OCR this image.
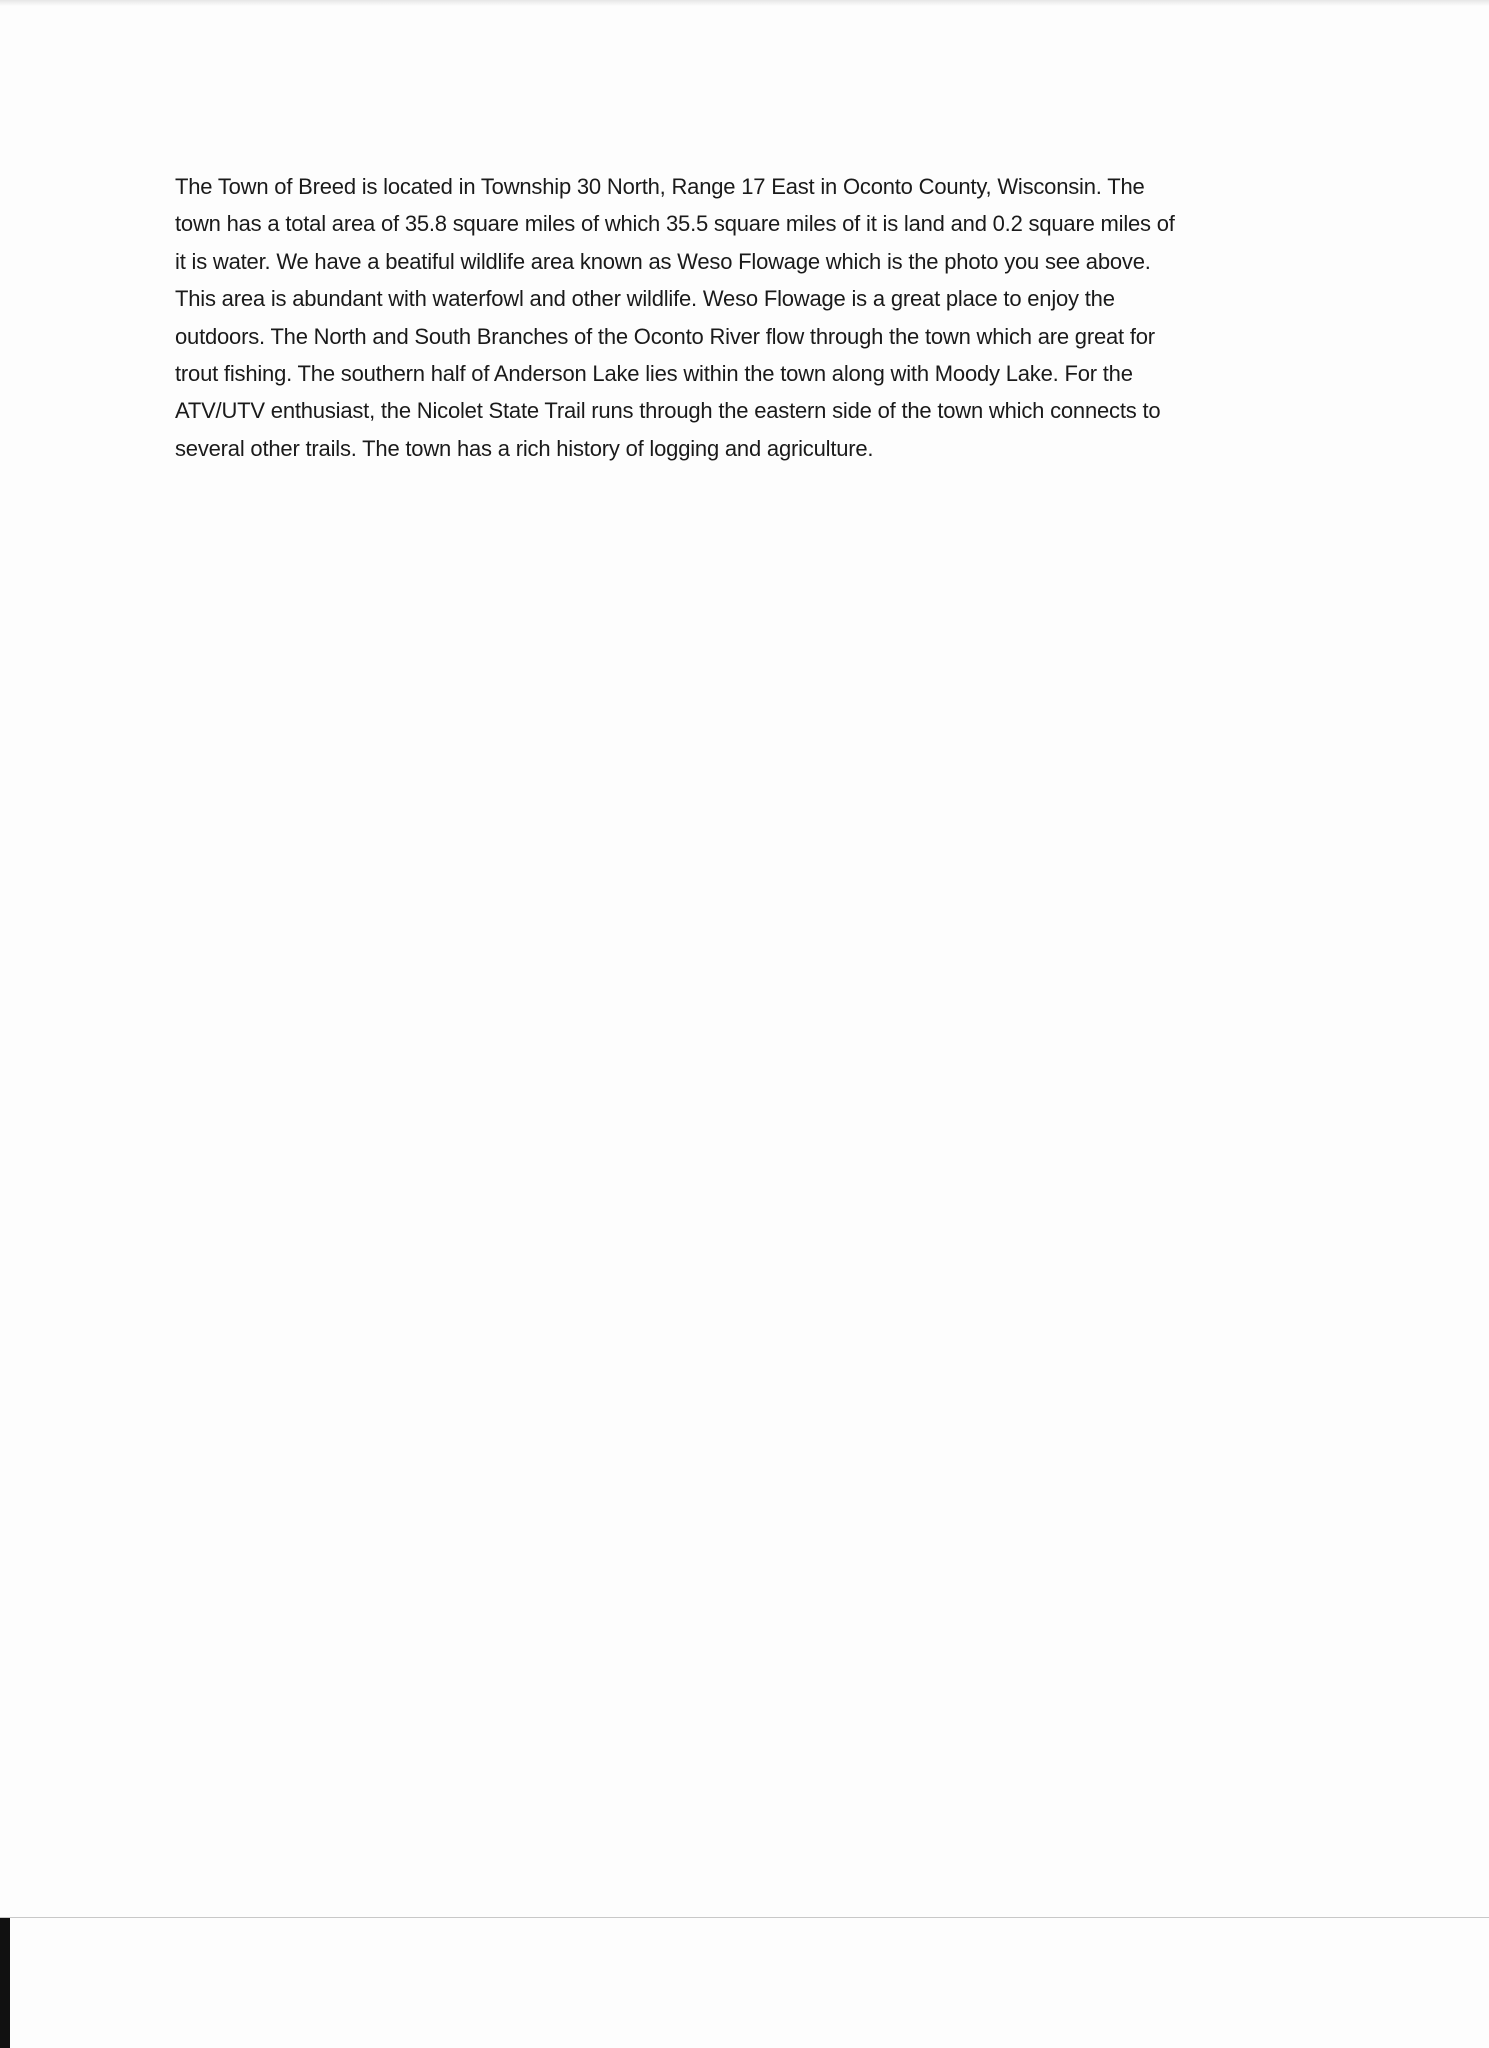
The Town of Breed is located in Township 30 North, Range 17 East in Oconto County, Wisconsin. The
town has a total area of 35.8 square miles of which 35.5 square miles of it is land and 0.2 square miles of
it is water. We have a beatiful wildlife area known as Weso Flowage which is the photo you see above.
This area is abundant with waterfowl and other wildlife. Weso Flowage is a great place to enjoy the
outdoors. The North and South Branches of the Oconto River flow through the town which are great for
trout fishing. The southern half of Anderson Lake lies within the town along with Moody Lake. For the
ATV/UTV enthusiast, the Nicolet State Trail runs through the eastern side of the town which connects to
several other trails. The town has a rich history of logging and agriculture.
